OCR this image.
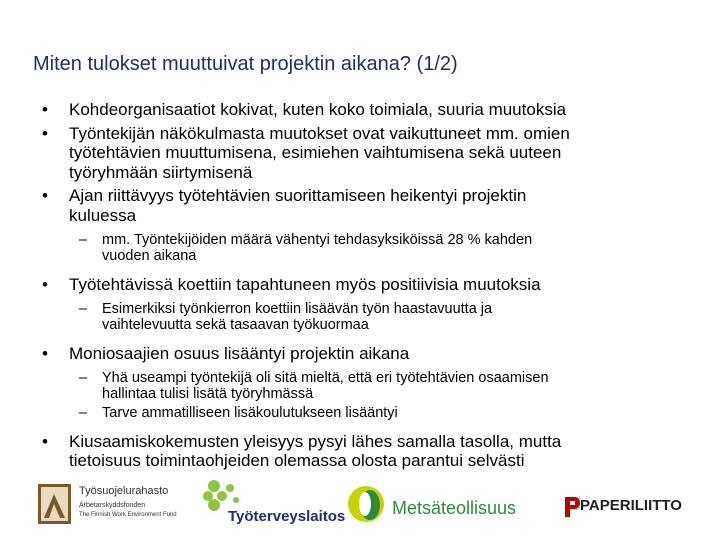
Miten tulokset muuttuivat projektin aikana? (1/2)
• Kohdeorganisaatiot kokivat, kuten koko toimiala, suuria muutoksia
• Työntekijän näkökulmasta muutokset ovat vaikuttuneet mm. omien
työtehtävien muuttumisena, esimiehen vaihtumisena sekä uuteen
työryhmään siirtymisenä
• Ajan riittävyys työtehtävien suorittamiseen heikentyi projektin
kuluessa
– mm. Työntekijöiden määrä vähentyi tehdasyksiköissä 28 % kahden
vuoden aikana
• Työtehtävissä koettiin tapahtuneen myös positiivisia muutoksia
– Esimerkiksi työnkierron koettiin lisäävän työn haastavuutta ja
vaihtelevuutta sekä tasaavan työkuormaa
• Moniosaajien osuus lisääntyi projektin aikana
– Yhä useampi työntekijä oli sitä mieltä, että eri työtehtävien osaamisen
hallintaa tulisi lisätä työryhmässä
– Tarve ammatilliseen lisäkoulutukseen lisääntyi
• Kiusaamiskokemusten yleisyys pysyi lähes samalla tasolla, mutta
tietoisuus toimintaohjeiden olemassa olosta parantui selvästi
Työsuojelurahasto
Arbetarskyddsfonden
The Finnish Work Environment Fund	Työterveyslaitos	Metsäteollisuus	PAPERILIITTO
